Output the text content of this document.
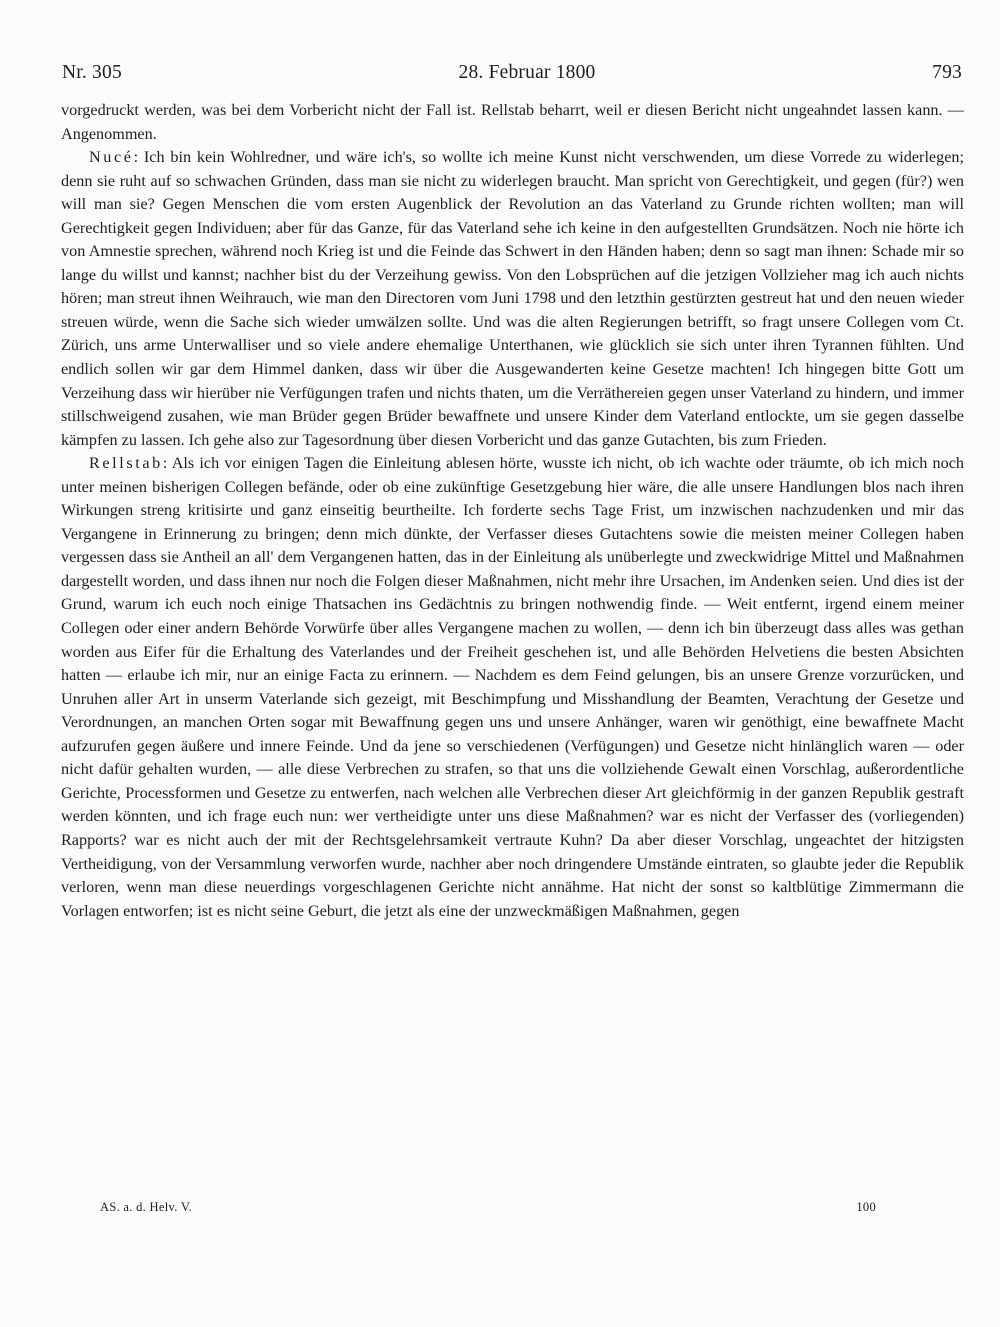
Nr. 305	28. Februar 1800	793

vorgedruckt werden, was bei dem Vorbericht nicht der Fall ist. Rellstab beharrt, weil er diesen Bericht nicht ungeahndet lassen kann. — Angenommen.

Nucé: Ich bin kein Wohlredner, und wäre ich's, so wollte ich meine Kunst nicht verschwenden, um diese Vorrede zu widerlegen; denn sie ruht auf so schwachen Gründen, dass man sie nicht zu widerlegen braucht. Man spricht von Gerechtigkeit, und gegen (für?) wen will man sie? Gegen Menschen die vom ersten Augenblick der Revolution an das Vaterland zu Grunde richten wollten; man will Gerechtigkeit gegen Individuen; aber für das Ganze, für das Vaterland sehe ich keine in den aufgestellten Grundsätzen. Noch nie hörte ich von Amnestie sprechen, während noch Krieg ist und die Feinde das Schwert in den Händen haben; denn so sagt man ihnen: Schade mir so lange du willst und kannst; nachher bist du der Verzeihung gewiss. Von den Lobsprüchen auf die jetzigen Vollzieher mag ich auch nichts hören; man streut ihnen Weihrauch, wie man den Directoren vom Juni 1798 und den letzthin gestürzten gestreut hat und den neuen wieder streuen würde, wenn die Sache sich wieder umwälzen sollte. Und was die alten Regierungen betrifft, so fragt unsere Collegen vom Ct. Zürich, uns arme Unterwalliser und so viele andere ehemalige Unterthanen, wie glücklich sie sich unter ihren Tyrannen fühlten. Und endlich sollen wir gar dem Himmel danken, dass wir über die Ausgewanderten keine Gesetze machten! Ich hingegen bitte Gott um Verzeihung dass wir hierüber nie Verfügungen trafen und nichts thaten, um die Verräthereien gegen unser Vaterland zu hindern, und immer stillschweigend zusahen, wie man Brüder gegen Brüder bewaffnete und unsere Kinder dem Vaterland entlockte, um sie gegen dasselbe kämpfen zu lassen. Ich gehe also zur Tagesordnung über diesen Vorbericht und das ganze Gutachten, bis zum Frieden.

Rellstab: Als ich vor einigen Tagen die Einleitung ablesen hörte, wusste ich nicht, ob ich wachte oder träumte, ob ich mich noch unter meinen bisherigen Collegen befände, oder ob eine zukünftige Gesetzgebung hier wäre, die alle unsere Handlungen blos nach ihren Wirkungen streng kritisirte und ganz einseitig beurtheilte. Ich forderte sechs Tage Frist, um inzwischen nachzudenken und mir das Vergangene in Erinnerung zu bringen; denn mich dünkte, der Verfasser dieses Gutachtens sowie die meisten meiner Collegen haben vergessen dass sie Antheil an all' dem Vergangenen hatten, das in der Einleitung als unüberlegte und zweckwidrige Mittel und Maßnahmen dargestellt worden, und dass ihnen nur noch die Folgen dieser Maßnahmen, nicht mehr ihre Ursachen, im Andenken seien. Und dies ist der Grund, warum ich euch noch einige Thatsachen ins Gedächtnis zu bringen nothwendig finde. — Weit entfernt, irgend einem meiner Collegen oder einer andern Behörde Vorwürfe über alles Vergangene machen zu wollen, — denn ich bin überzeugt dass alles was gethan worden aus Eifer für die Erhaltung des Vaterlandes und der Freiheit geschehen ist, und alle Behörden Helvetiens die besten Absichten hatten — erlaube ich mir, nur an einige Facta zu erinnern. — Nachdem es dem Feind gelungen, bis an unsere Grenze vorzurücken, und Unruhen aller Art in unserm Vaterlande sich gezeigt, mit Beschimpfung und Misshandlung der Beamten, Verachtung der Gesetze und Verordnungen, an manchen Orten sogar mit Bewaffnung gegen uns und unsere Anhänger, waren wir genöthigt, eine bewaffnete Macht aufzurufen gegen äußere und innere Feinde. Und da jene so verschiedenen (Verfügungen) und Gesetze nicht hinlänglich waren — oder nicht dafür gehalten wurden, — alle diese Verbrechen zu strafen, so that uns die vollziehende Gewalt einen Vorschlag, außerordentliche Gerichte, Processformen und Gesetze zu entwerfen, nach welchen alle Verbrechen dieser Art gleichförmig in der ganzen Republik gestraft werden könnten, und ich frage euch nun: wer vertheidigte unter uns diese Maßnahmen? war es nicht der Verfasser des (vorliegenden) Rapports? war es nicht auch der mit der Rechtsgelehrsamkeit vertraute Kuhn? Da aber dieser Vorschlag, ungeachtet der hitzigsten Vertheidigung, von der Versammlung verworfen wurde, nachher aber noch dringendere Umstände eintraten, so glaubte jeder die Republik verloren, wenn man diese neuerdings vorgeschlagenen Gerichte nicht annähme. Hat nicht der sonst so kaltblütige Zimmermann die Vorlagen entworfen; ist es nicht seine Geburt, die jetzt als eine der unzweckmäßigen Maßnahmen, gegen

AS. a. d. Helv. V.	100
